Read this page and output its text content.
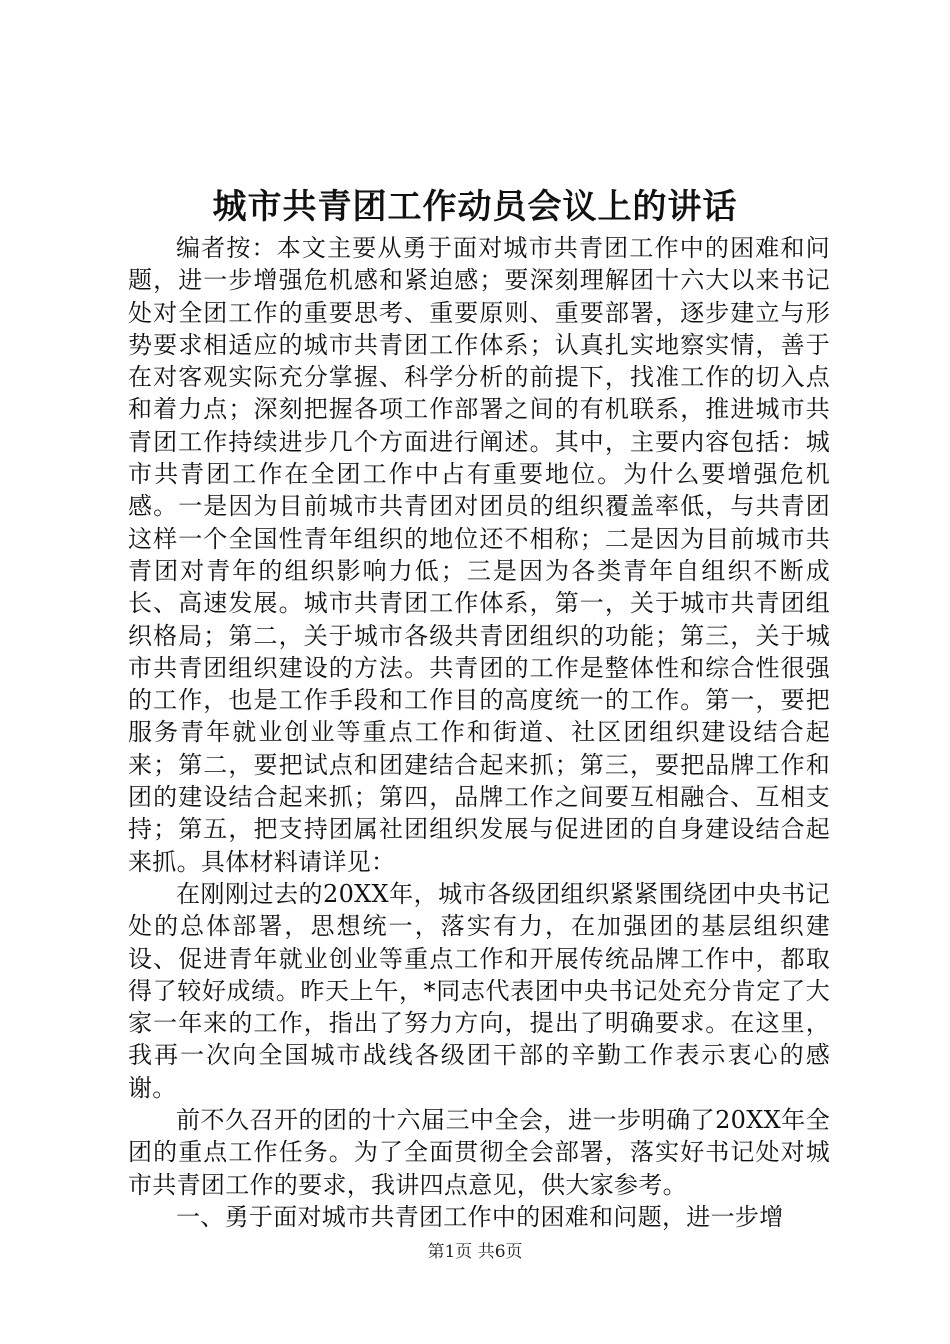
城市共青团工作动员会议上的讲话

编者按：本文主要从勇于面对城市共青团工作中的困难和问题，进一步增强危机感和紧迫感；要深刻理解团十六大以来书记处对全团工作的重要思考、重要原则、重要部署，逐步建立与形势要求相适应的城市共青团工作体系；认真扎实地察实情，善于在对客观实际充分掌握、科学分析的前提下，找准工作的切入点和着力点；深刻把握各项工作部署之间的有机联系，推进城市共青团工作持续进步几个方面进行阐述。其中，主要内容包括：城市共青团工作在全团工作中占有重要地位。为什么要增强危机感。一是因为目前城市共青团对团员的组织覆盖率低，与共青团这样一个全国性青年组织的地位还不相称；二是因为目前城市共青团对青年的组织影响力低；三是因为各类青年自组织不断成长、高速发展。城市共青团工作体系，第一，关于城市共青团组织格局；第二，关于城市各级共青团组织的功能；第三，关于城市共青团组织建设的方法。共青团的工作是整体性和综合性很强的工作，也是工作手段和工作目的高度统一的工作。第一，要把服务青年就业创业等重点工作和街道、社区团组织建设结合起来；第二，要把试点和团建结合起来抓；第三，要把品牌工作和团的建设结合起来抓；第四，品牌工作之间要互相融合、互相支持；第五，把支持团属社团组织发展与促进团的自身建设结合起来抓。具体材料请详见：

在刚刚过去的20XX年，城市各级团组织紧紧围绕团中央书记处的总体部署，思想统一，落实有力，在加强团的基层组织建设、促进青年就业创业等重点工作和开展传统品牌工作中，都取得了较好成绩。昨天上午，*同志代表团中央书记处充分肯定了大家一年来的工作，指出了努力方向，提出了明确要求。在这里，我再一次向全国城市战线各级团干部的辛勤工作表示衷心的感谢。

前不久召开的团的十六届三中全会，进一步明确了20XX年全团的重点工作任务。为了全面贯彻全会部署，落实好书记处对城市共青团工作的要求，我讲四点意见，供大家参考。

一、勇于面对城市共青团工作中的困难和问题，进一步增

第1页 共6页
